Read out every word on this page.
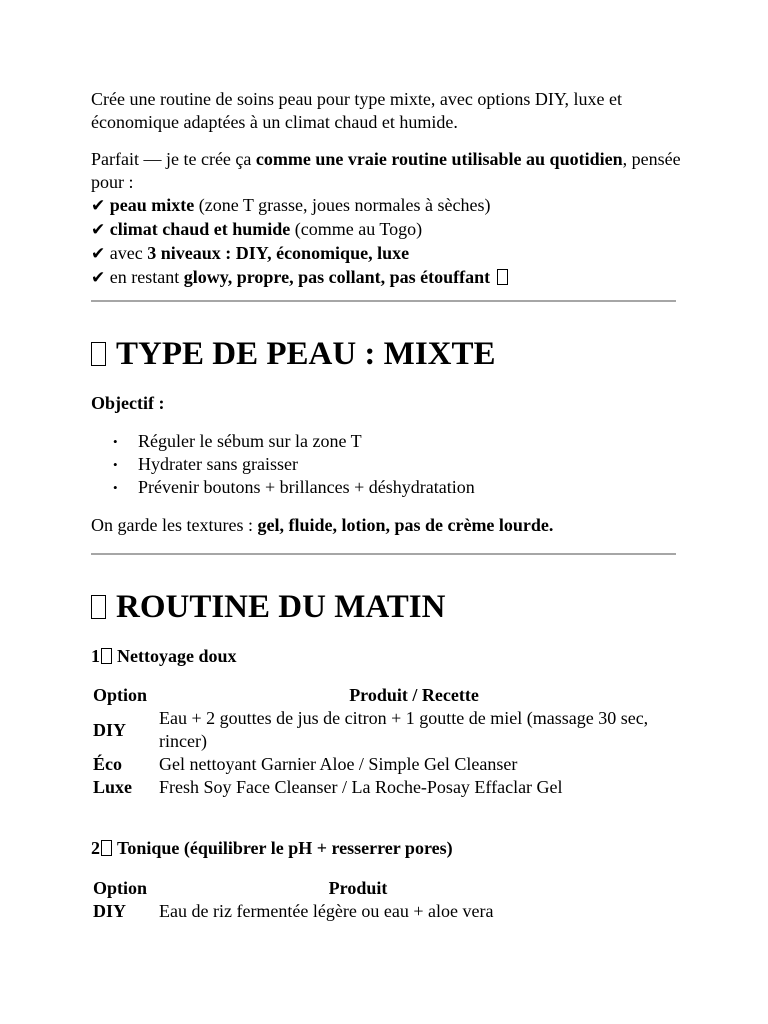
Crée une routine de soins peau pour type mixte, avec options DIY, luxe et économique adaptées à un climat chaud et humide.

Parfait — je te crée ça comme une vraie routine utilisable au quotidien, pensée pour :

✔ peau mixte (zone T grasse, joues normales à sèches)

✔ climat chaud et humide (comme au Togo)

✔ avec 3 niveaux : DIY, économique, luxe

✔ en restant glowy, propre, pas collant, pas étouffant

TYPE DE PEAU : MIXTE

Objectif :

• Réguler le sébum sur la zone T
• Hydrater sans graisser
• Prévenir boutons + brillances + déshydratation

On garde les textures : gel, fluide, lotion, pas de crème lourde.

ROUTINE DU MATIN

1 Nettoyage doux

Option	Produit / Recette
DIY	Eau + 2 gouttes de jus de citron + 1 goutte de miel (massage 30 sec, rincer)
Éco	Gel nettoyant Garnier Aloe / Simple Gel Cleanser
Luxe	Fresh Soy Face Cleanser / La Roche-Posay Effaclar Gel

2 Tonique (équilibrer le pH + resserrer pores)

Option	Produit
DIY	Eau de riz fermentée légère ou eau + aloe vera
